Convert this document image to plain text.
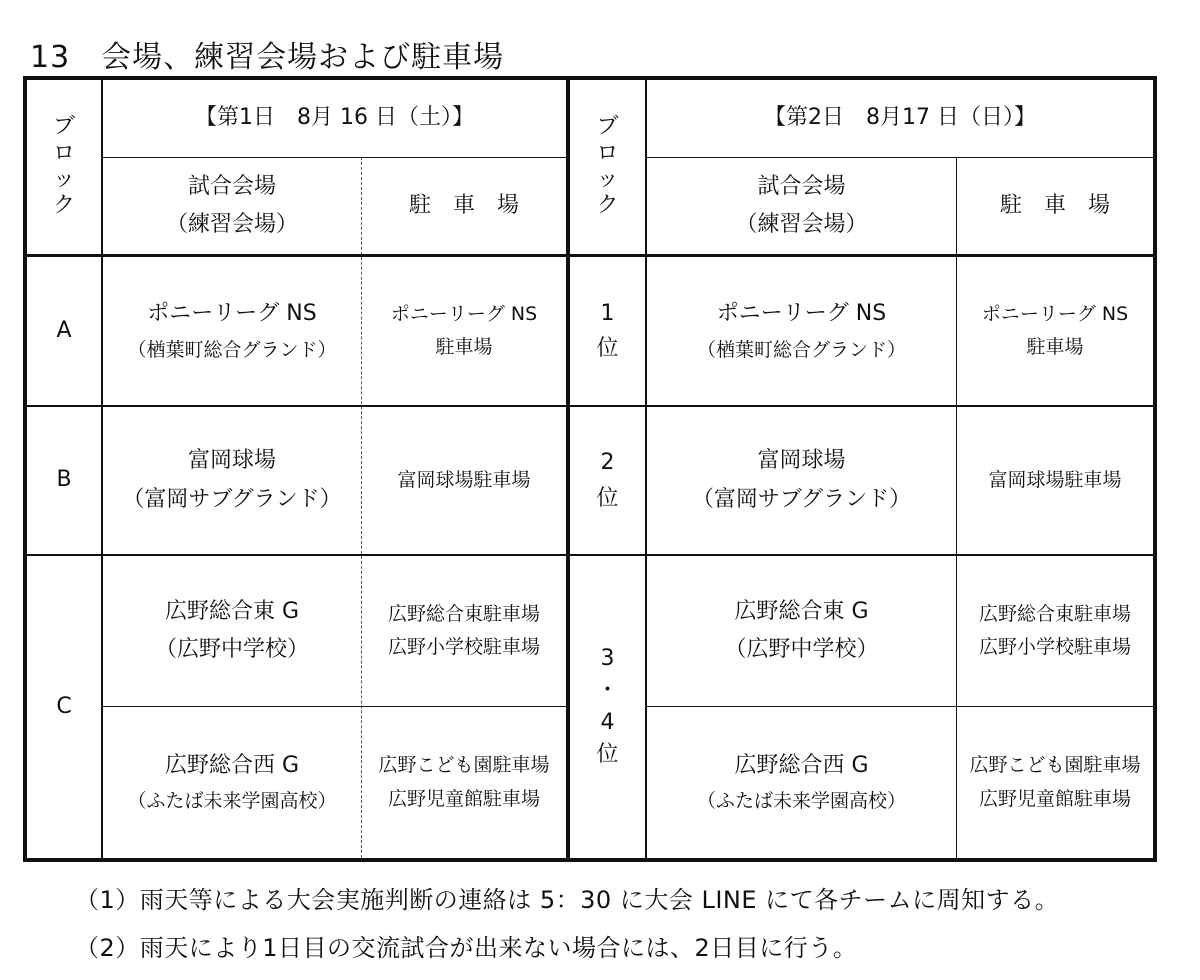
13　会場、練習会場および駐車場
ブ
ロ
ッ
ク
【第1日　8月 16 日（土）】
試合会場
（練習会場）
駐　車　場
ブ
ロ
ッ
ク
【第2日　8月17 日（日）】
試合会場
（練習会場）
駐　車　場
A
B
C
ポニーリーグ NS
（楢葉町総合グランド）
ポニーリーグ NS
駐車場
富岡球場
（富岡サブグランド）
富岡球場駐車場
広野総合東 G
（広野中学校）
広野総合東駐車場
広野小学校駐車場
広野総合西 G
（ふたば未来学園高校）
広野こども園駐車場
広野児童館駐車場
1
位
2
位
3
・
4
位
ポニーリーグ NS
（楢葉町総合グランド）
ポニーリーグ NS
駐車場
富岡球場
（富岡サブグランド）
富岡球場駐車場
広野総合東 G
（広野中学校）
広野総合東駐車場
広野小学校駐車場
広野総合西 G
（ふたば未来学園高校）
広野こども園駐車場
広野児童館駐車場
（1）雨天等による大会実施判断の連絡は 5：30 に大会 LINE にて各チームに周知する。
（2）雨天により1日目の交流試合が出来ない場合には、2日目に行う。
